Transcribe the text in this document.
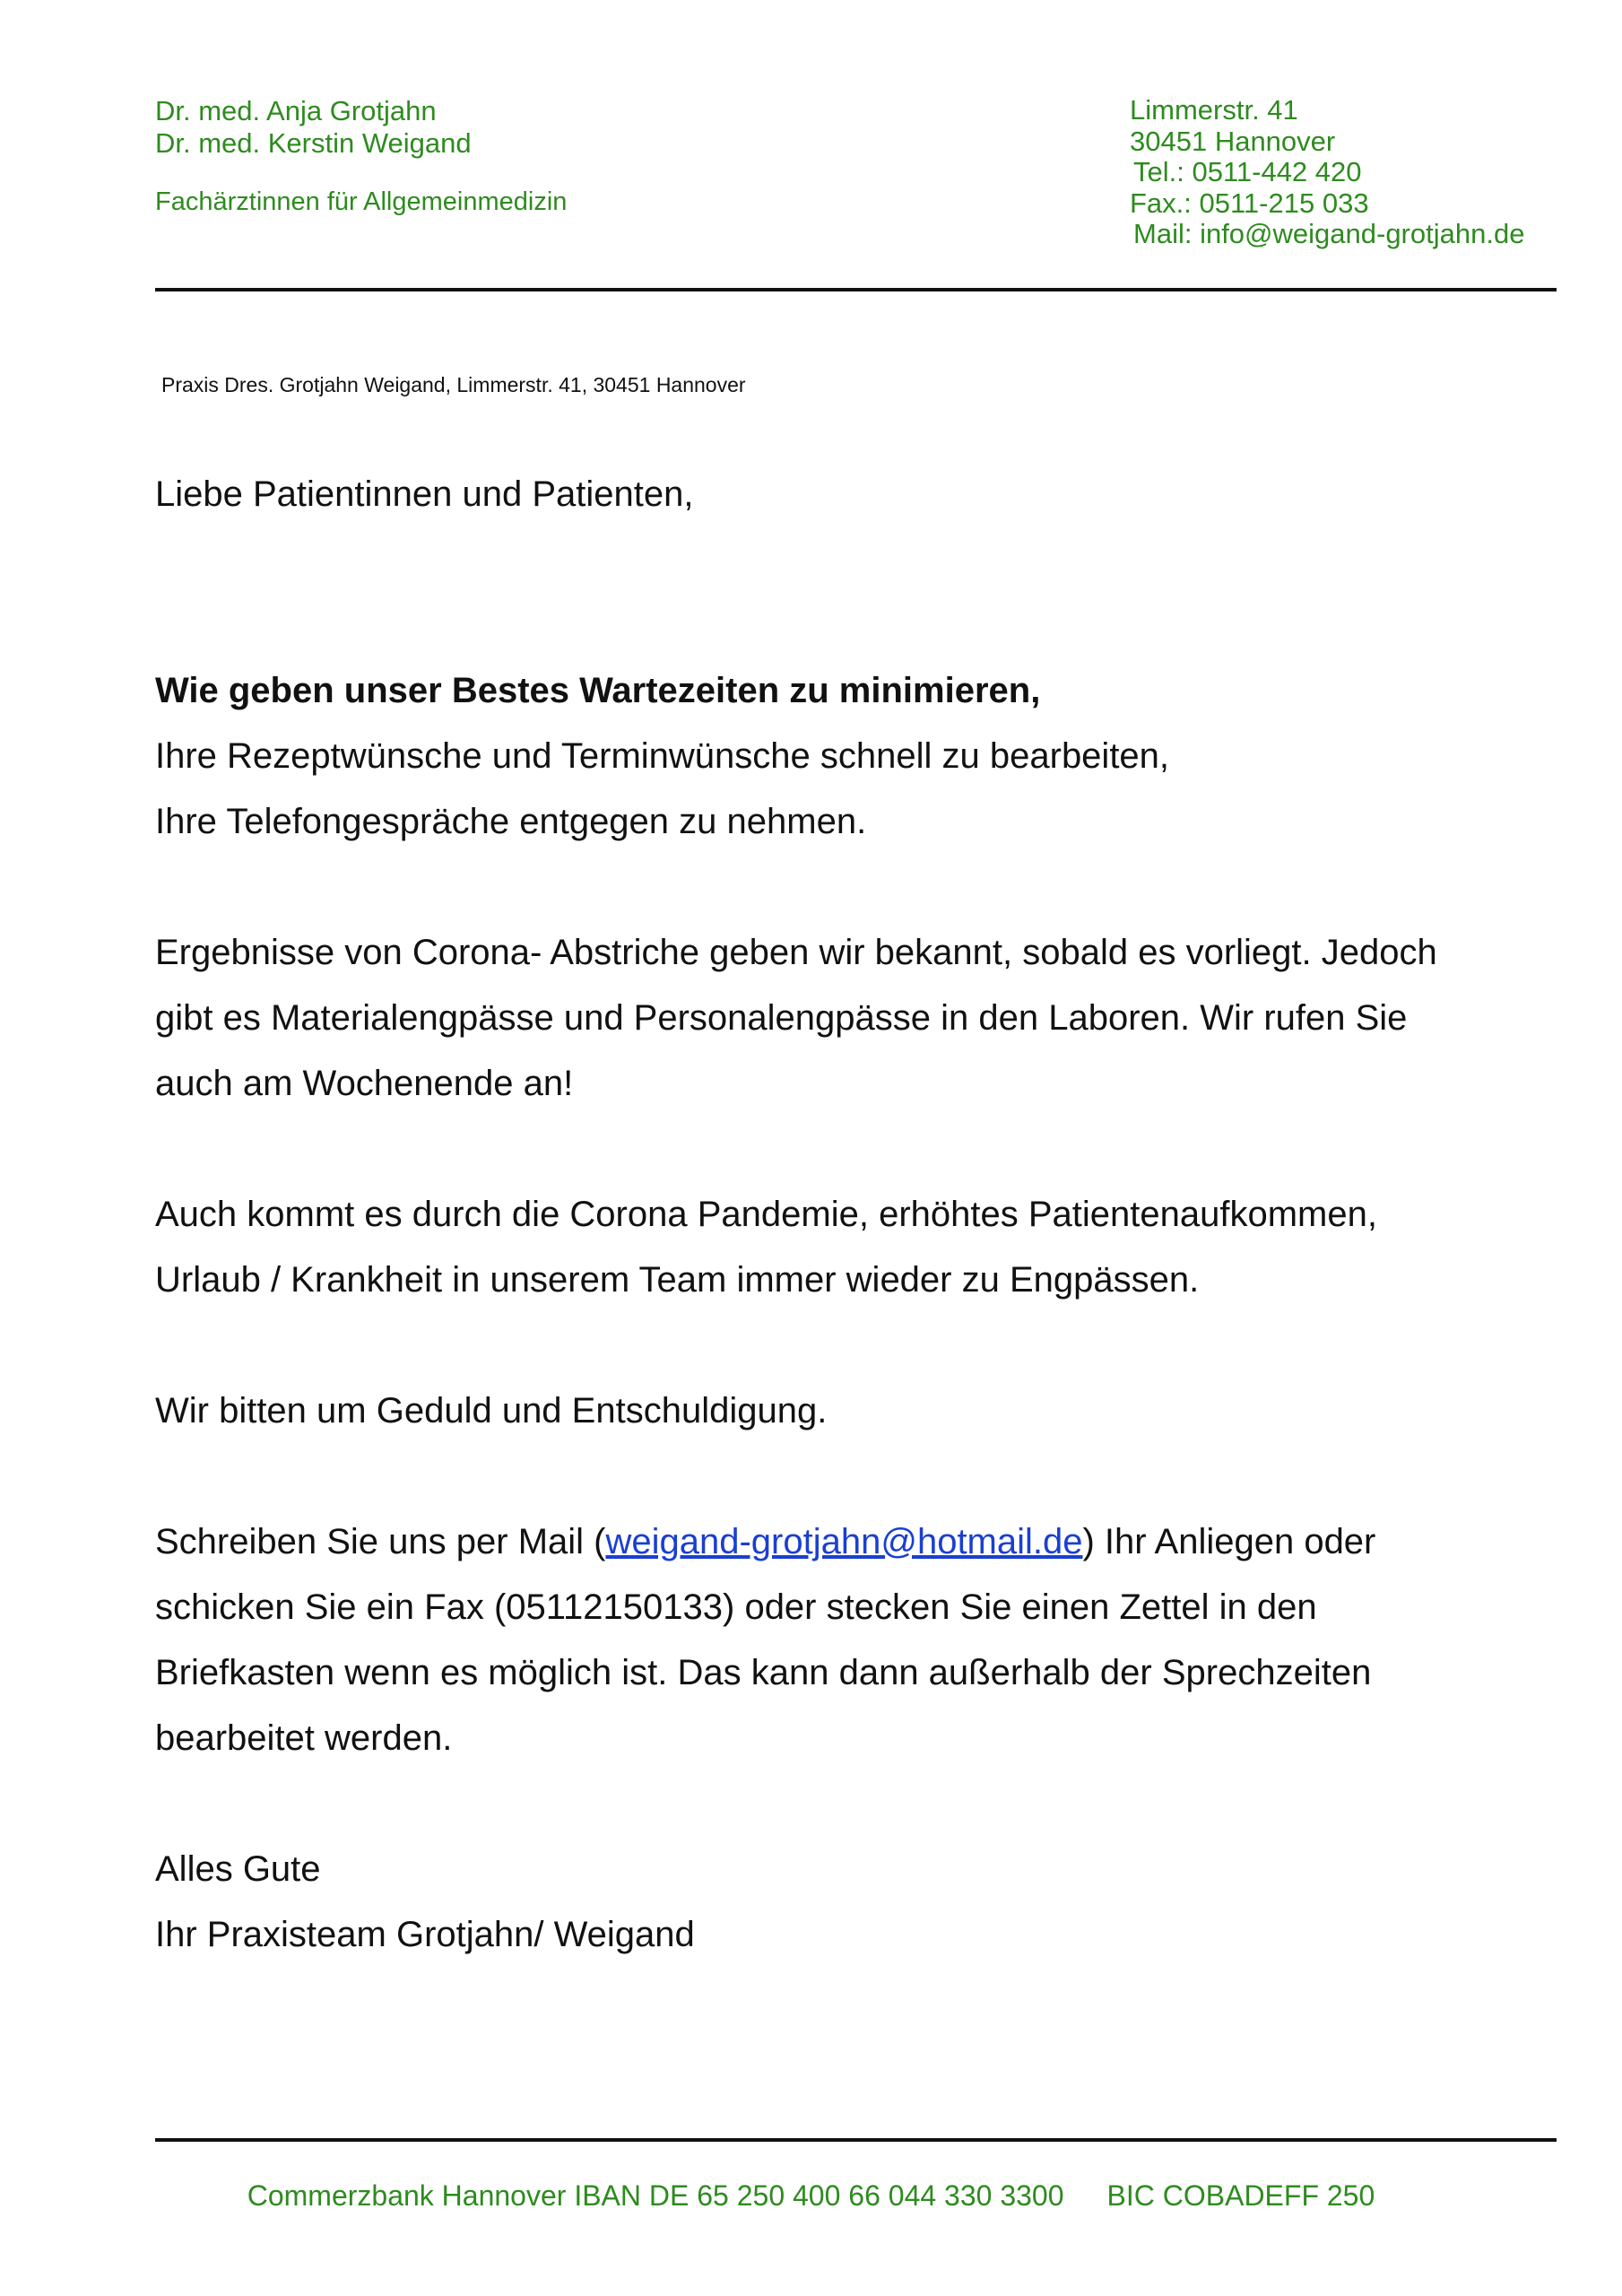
Dr. med. Anja Grotjahn
Dr. med. Kerstin Weigand
Fachärztinnen für Allgemeinmedizin
Limmerstr. 41
30451 Hannover
Tel.: 0511-442 420
Fax.: 0511-215 033
Mail: info@weigand-grotjahn.de
Praxis Dres. Grotjahn Weigand, Limmerstr. 41, 30451 Hannover

Liebe Patientinnen und Patienten,

Wie geben unser Bestes Wartezeiten zu minimieren,

Ihre Rezeptwünsche und Terminwünsche schnell zu bearbeiten,

Ihre Telefongespräche entgegen zu nehmen.

Ergebnisse von Corona- Abstriche geben wir bekannt, sobald es vorliegt. Jedoch

gibt es Materialengpässe und Personalengpässe in den Laboren. Wir rufen Sie

auch am Wochenende an!

Auch kommt es durch die Corona Pandemie, erhöhtes Patientenaufkommen,

Urlaub / Krankheit in unserem Team immer wieder zu Engpässen.

Wir bitten um Geduld und Entschuldigung.

Schreiben Sie uns per Mail (weigand-grotjahn@hotmail.de) Ihr Anliegen oder

schicken Sie ein Fax (05112150133) oder stecken Sie einen Zettel in den

Briefkasten wenn es möglich ist. Das kann dann außerhalb der Sprechzeiten

bearbeitet werden.

Alles Gute

Ihr Praxisteam Grotjahn/ Weigand

Commerzbank Hannover IBAN DE 65 250 400 66 044 330 3300 BIC COBADEFF 250
